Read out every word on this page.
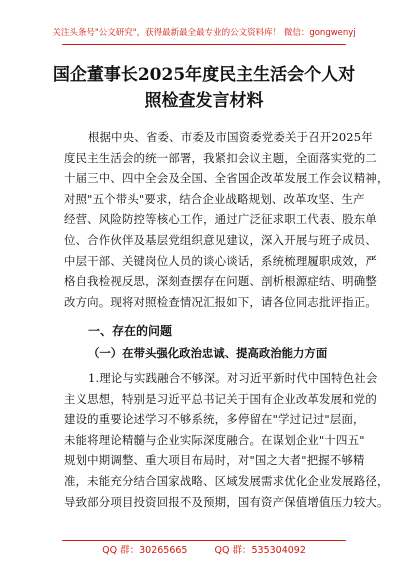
关注头条号"公文研究"，获得最新最全最专业的公文资料库！ 微信：gongwenyj
国企董事长2025年度民主生活会个人对
照检查发言材料
根据中央、省委、市委及市国资委党委关于召开2025年
度民主生活会的统一部署，我紧扣会议主题，全面落实党的二
十届三中、四中全会及全国、全省国企改革发展工作会议精神，
对照"五个带头"要求，结合企业战略规划、改革攻坚、生产
经营、风险防控等核心工作，通过广泛征求职工代表、股东单
位、合作伙伴及基层党组织意见建议，深入开展与班子成员、
中层干部、关键岗位人员的谈心谈话，系统梳理履职成效，严
格自我检视反思，深刻查摆存在问题、剖析根源症结、明确整
改方向。现将对照检查情况汇报如下，请各位同志批评指正。
一、存在的问题
（一）在带头强化政治忠诚、提高政治能力方面
1.理论与实践融合不够深。对习近平新时代中国特色社会
主义思想，特别是习近平总书记关于国有企业改革发展和党的
建设的重要论述学习不够系统，多停留在"学过记过"层面，
未能将理论精髓与企业实际深度融合。在谋划企业"十四五"
规划中期调整、重大项目布局时，对"国之大者"把握不够精
准，未能充分结合国家战略、区域发展需求优化企业发展路径，
导致部分项目投资回报不及预期，国有资产保值增值压力较大。
QQ 群：30265665	QQ 群：535304092
